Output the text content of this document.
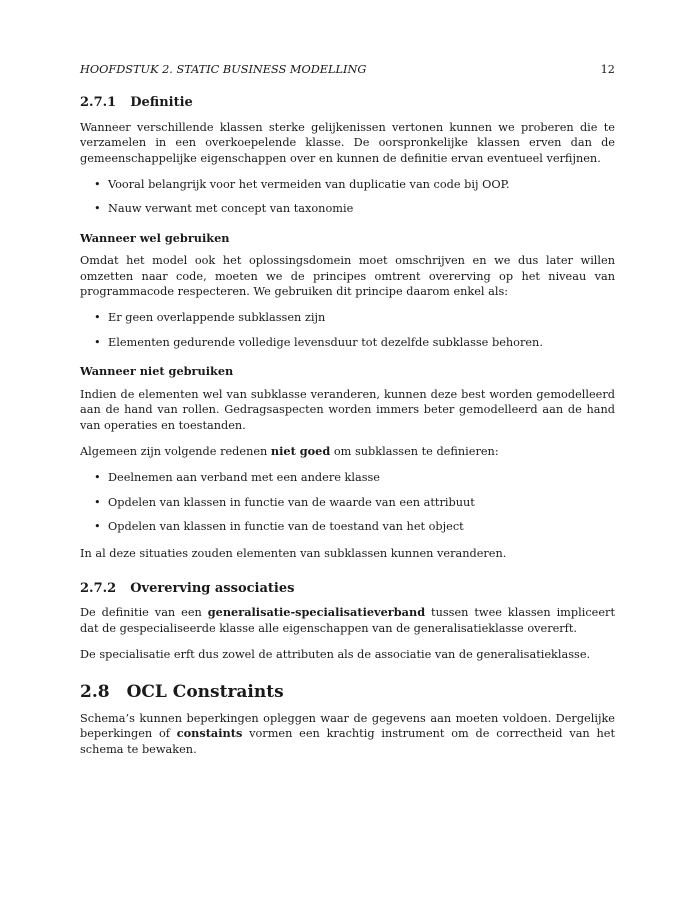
HOOFDSTUK 2. STATIC BUSINESS MODELLING	12
2.7.1 Definitie

Wanneer verschillende klassen sterke gelijkenissen vertonen kunnen we proberen die te verzamelen in een overkoepelende klasse. De oorspronkelijke klassen erven dan de gemeenschappelijke eigenschappen over en kunnen de definitie ervan eventueel verfijnen.

• Vooral belangrijk voor het vermeiden van duplicatie van code bij OOP.
• Nauw verwant met concept van taxonomie
Wanneer wel gebruiken

Omdat het model ook het oplossingsdomein moet omschrijven en we dus later willen omzetten naar code, moeten we de principes omtrent overerving op het niveau van programmacode respecteren. We gebruiken dit principe daarom enkel als:

• Er geen overlappende subklassen zijn
• Elementen gedurende volledige levensduur tot dezelfde subklasse behoren.
Wanneer niet gebruiken

Indien de elementen wel van subklasse veranderen, kunnen deze best worden gemodelleerd aan de hand van rollen. Gedragsaspecten worden immers beter gemodelleerd aan de hand van operaties en toestanden.

Algemeen zijn volgende redenen niet goed om subklassen te definieren:

• Deelnemen aan verband met een andere klasse
• Opdelen van klassen in functie van de waarde van een attribuut
• Opdelen van klassen in functie van de toestand van het object

In al deze situaties zouden elementen van subklassen kunnen veranderen.

2.7.2 Overerving associaties

De definitie van een generalisatie-specialisatieverband tussen twee klassen impliceert dat de gespecialiseerde klasse alle eigenschappen van de generalisatieklasse overerft.

De specialisatie erft dus zowel de attributen als de associatie van de generalisatieklasse.

2.8 OCL Constraints

Schema’s kunnen beperkingen opleggen waar de gegevens aan moeten voldoen. Dergelijke beperkingen of constaints vormen een krachtig instrument om de correctheid van het schema te bewaken.
